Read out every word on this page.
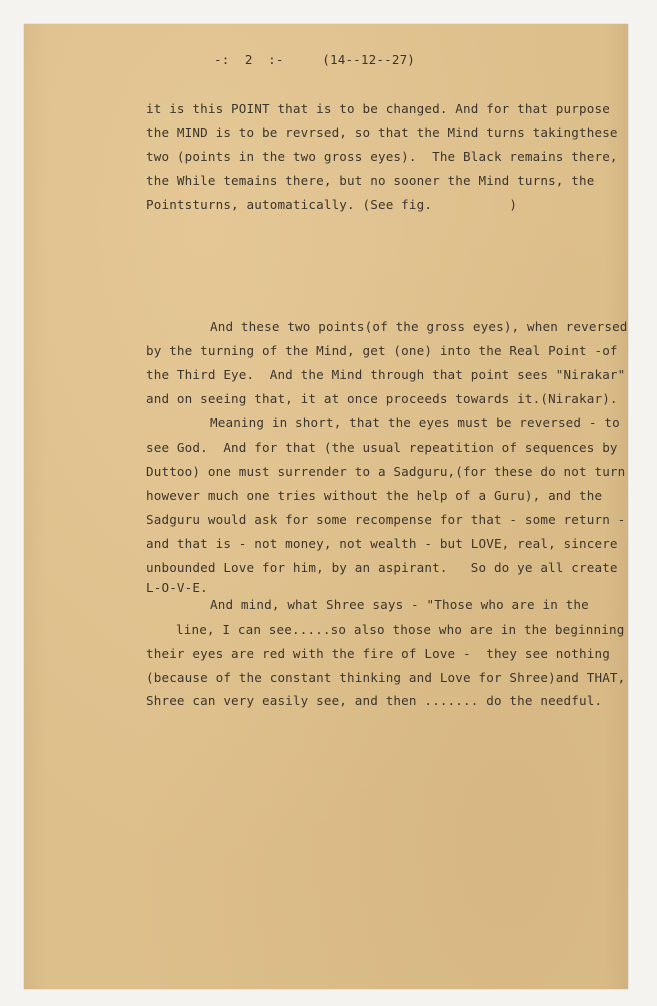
-:  2  :-     (14--12--27)

it is this POINT that is to be changed. And for that purpose

the MIND is to be revrsed, so that the Mind turns takingthese

two (points in the two gross eyes).  The Black remains there,

the While temains there, but no sooner the Mind turns, the

Pointsturns, automatically. (See fig.          )

And these two points(of the gross eyes), when reversed

by the turning of the Mind, get (one) into the Real Point -of

the Third Eye.  And the Mind through that point sees "Nirakar"

and on seeing that, it at once proceeds towards it.(Nirakar).

Meaning in short, that the eyes must be reversed - to

see God.  And for that (the usual repeatition of sequences by

Duttoo) one must surrender to a Sadguru,(for these do not turn

however much one tries without the help of a Guru), and the

Sadguru would ask for some recompense for that - some return -

and that is - not money, not wealth - but LOVE, real, sincere

unbounded Love for him, by an aspirant.   So do ye all create

L-O-V-E.

And mind, what Shree says - "Those who are in the

line, I can see.....so also those who are in the beginning

their eyes are red with the fire of Love -  they see nothing

(because of the constant thinking and Love for Shree)and THAT,

Shree can very easily see, and then ....... do the needful.
